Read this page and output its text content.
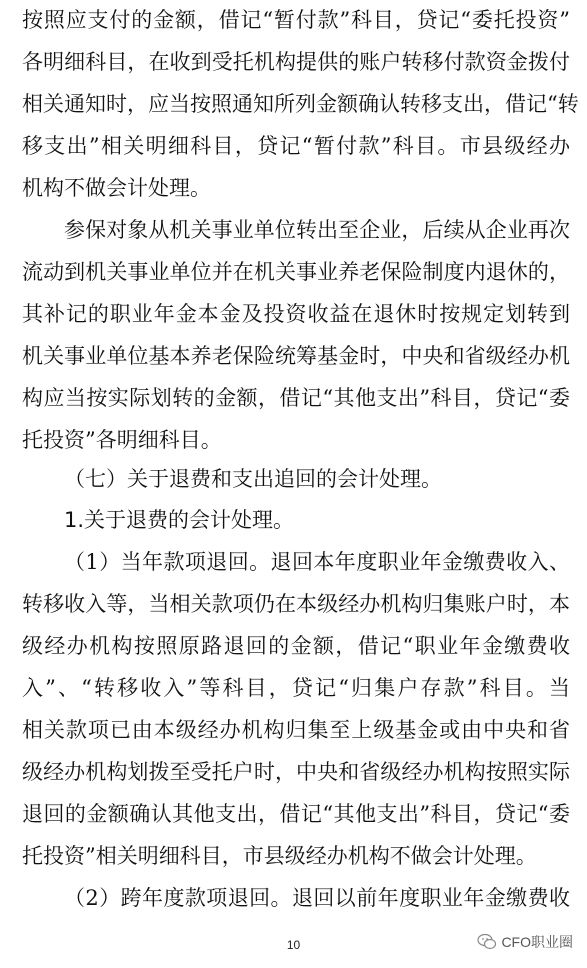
按照应支付的金额，借记“暂付款”科目，贷记“委托投资”
各明细科目，在收到受托机构提供的账户转移付款资金拨付
相关通知时，应当按照通知所列金额确认转移支出，借记“转
移支出”相关明细科目，贷记“暂付款”科目。市县级经办
机构不做会计处理。
参保对象从机关事业单位转出至企业，后续从企业再次
流动到机关事业单位并在机关事业养老保险制度内退休的，
其补记的职业年金本金及投资收益在退休时按规定划转到
机关事业单位基本养老保险统筹基金时，中央和省级经办机
构应当按实际划转的金额，借记“其他支出”科目，贷记“委
托投资”各明细科目。
（七）关于退费和支出追回的会计处理。
1.关于退费的会计处理。
（1）当年款项退回。退回本年度职业年金缴费收入、
转移收入等，当相关款项仍在本级经办机构归集账户时，本
级经办机构按照原路退回的金额，借记“职业年金缴费收
入”、“转移收入”等科目，贷记“归集户存款”科目。当
相关款项已由本级经办机构归集至上级基金或由中央和省
级经办机构划拨至受托户时，中央和省级经办机构按照实际
退回的金额确认其他支出，借记“其他支出”科目，贷记“委
托投资”相关明细科目，市县级经办机构不做会计处理。
（2）跨年度款项退回。退回以前年度职业年金缴费收
10	CFO职业圈
